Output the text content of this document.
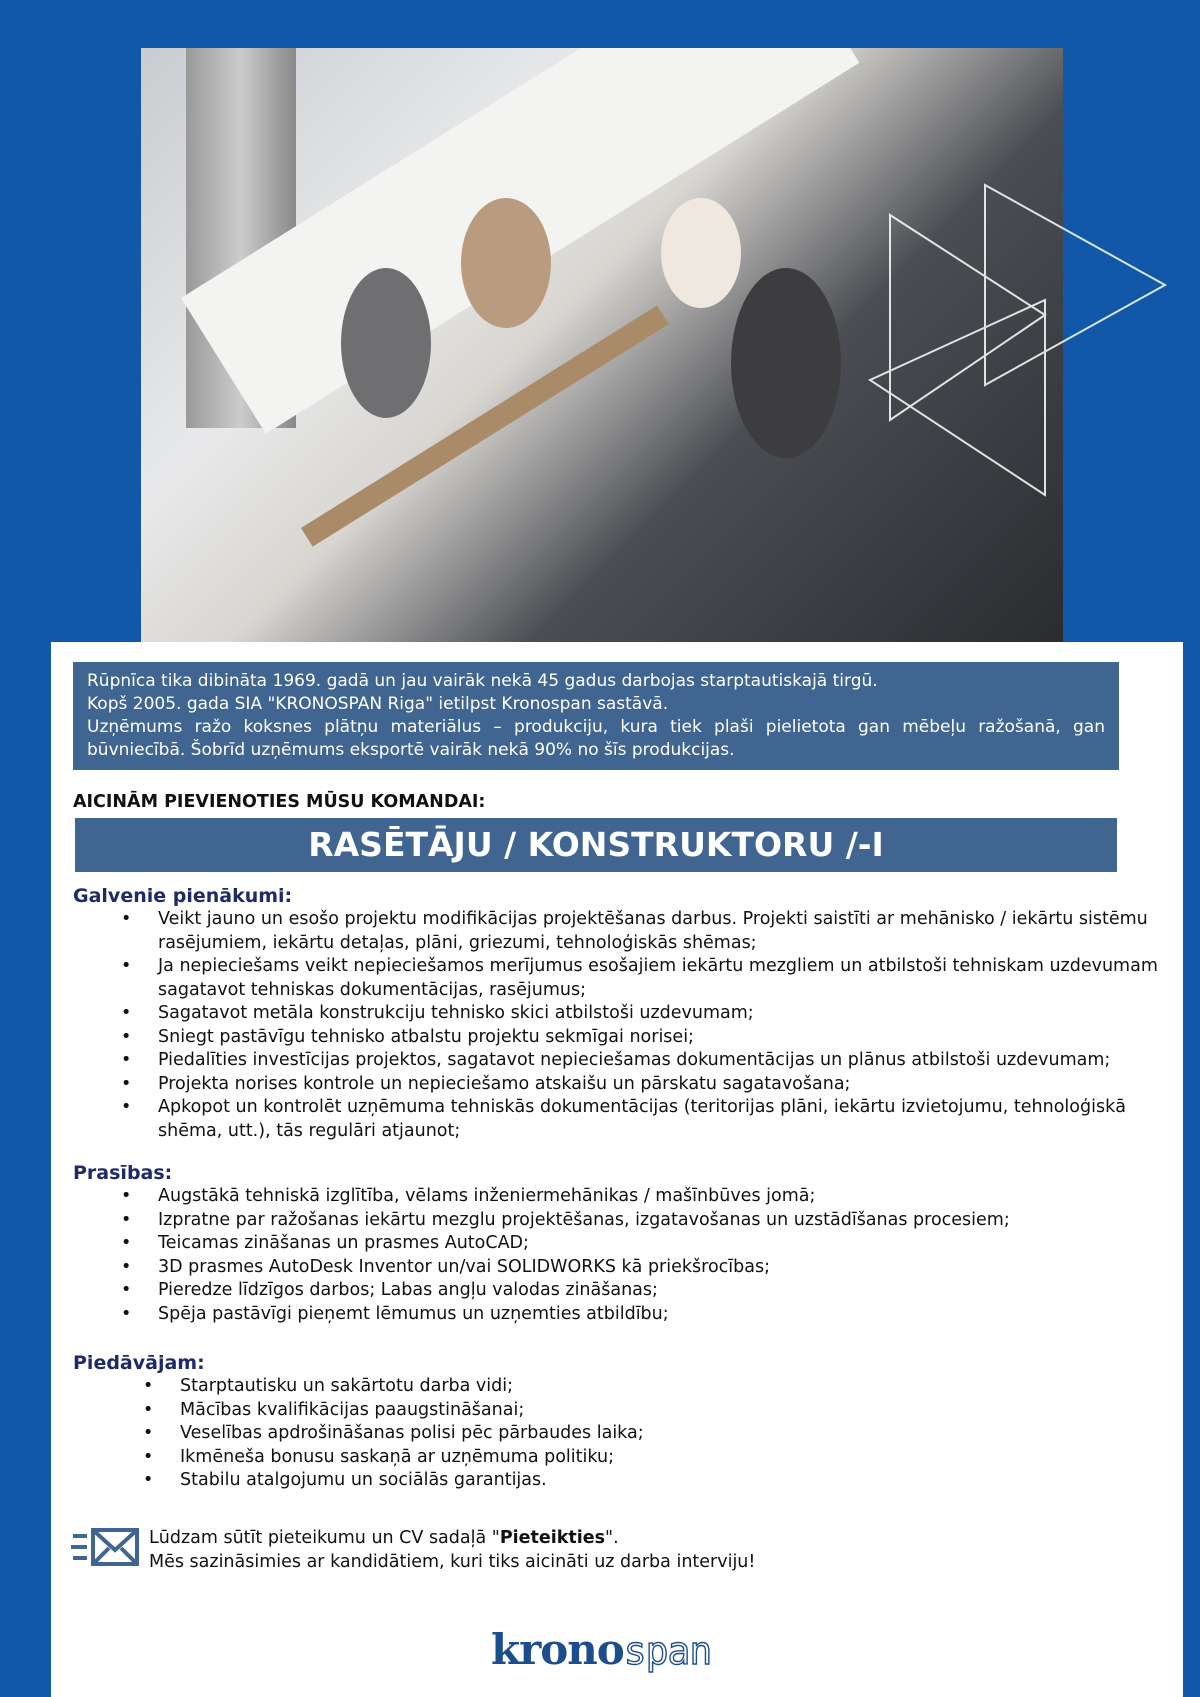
Rūpnīca tika dibināta 1969. gadā un jau vairāk nekā 45 gadus darbojas starptautiskajā tirgū.
Kopš 2005. gada SIA "KRONOSPAN Riga" ietilpst Kronospan sastāvā.
Uzņēmums ražo koksnes plātņu materiālus – produkciju, kura tiek plaši pielietota gan mēbeļu ražošanā, gan būvniecībā. Šobrīd uzņēmums eksportē vairāk nekā 90% no šīs produkcijas.
AICINĀM PIEVIENOTIES MŪSU KOMANDAI:
RASĒTĀJU / KONSTRUKTORU /-I
Galvenie pienākumi:
• Veikt jauno un esošo projektu modifikācijas projektēšanas darbus. Projekti saistīti ar mehānisko / iekārtu sistēmu rasējumiem, iekārtu detaļas, plāni, griezumi, tehnoloģiskās shēmas;
• Ja nepieciešams veikt nepieciešamos merījumus esošajiem iekārtu mezgliem un atbilstoši tehniskam uzdevumam sagatavot tehniskas dokumentācijas, rasējumus;
• Sagatavot metāla konstrukciju tehnisko skici atbilstoši uzdevumam;
• Sniegt pastāvīgu tehnisko atbalstu projektu sekmīgai norisei;
• Piedalīties investīcijas projektos, sagatavot nepieciešamas dokumentācijas un plānus atbilstoši uzdevumam;
• Projekta norises kontrole un nepieciešamo atskaišu un pārskatu sagatavošana;
• Apkopot un kontrolēt uzņēmuma tehniskās dokumentācijas (teritorijas plāni, iekārtu izvietojumu, tehnoloģiskā shēma, utt.), tās regulāri atjaunot;
Prasības:
• Augstākā tehniskā izglītība, vēlams inženiermehānikas / mašīnbūves jomā;
• Izpratne par ražošanas iekārtu mezglu projektēšanas, izgatavošanas un uzstādīšanas procesiem;
• Teicamas zināšanas un prasmes AutoCAD;
• 3D prasmes AutoDesk Inventor un/vai SOLIDWORKS kā priekšrocības;
• Pieredze līdzīgos darbos; Labas angļu valodas zināšanas;
• Spēja pastāvīgi pieņemt lēmumus un uzņemties atbildību;
Piedāvājam:
• Starptautisku un sakārtotu darba vidi;
• Mācības kvalifikācijas paaugstināšanai;
• Veselības apdrošināšanas polisi pēc pārbaudes laika;
• Ikmēneša bonusu saskaņā ar uzņēmuma politiku;
• Stabilu atalgojumu un sociālās garantijas.
Lūdzam sūtīt pieteikumu un CV sadaļā "Pieteikties".
Mēs sazināsimies ar kandidātiem, kuri tiks aicināti uz darba interviju!
kronospan
